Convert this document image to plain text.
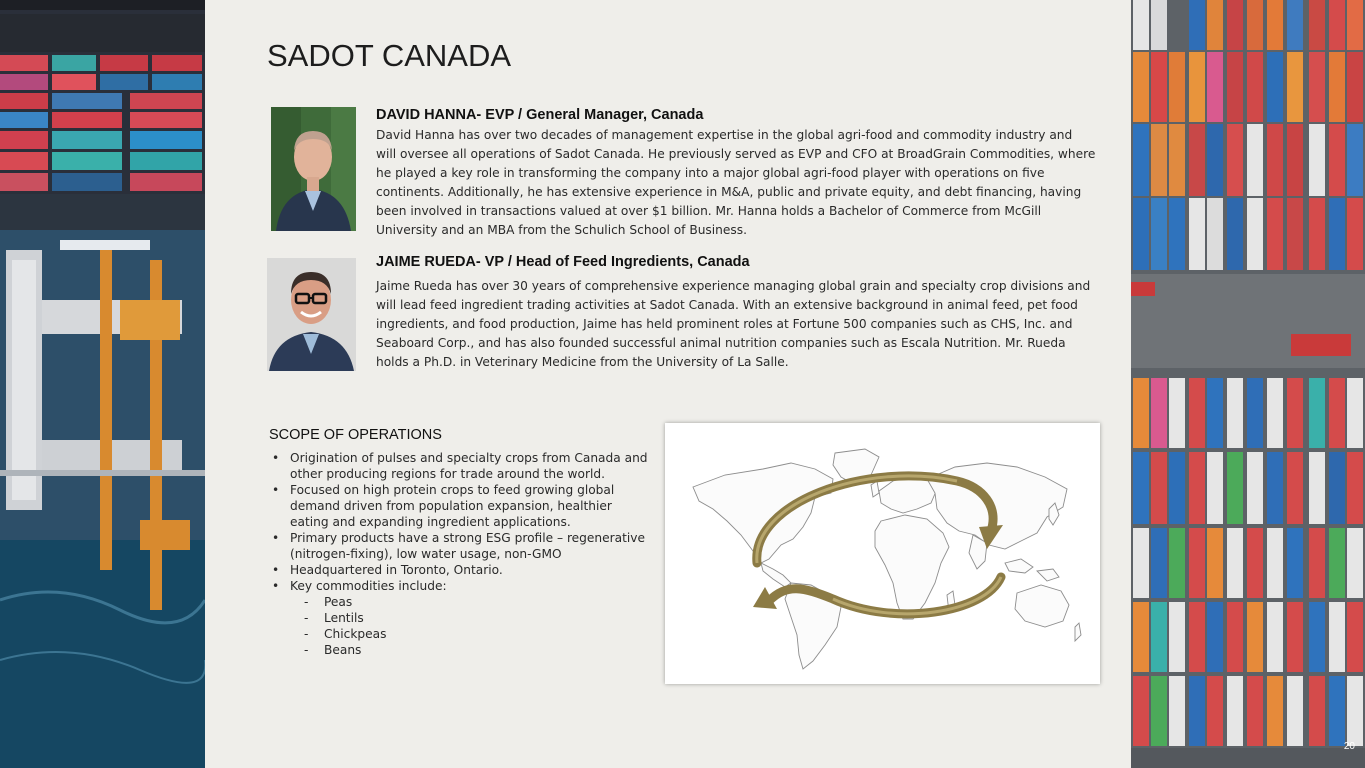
20
SADOT CANADA
DAVID HANNA- EVP / General Manager, Canada

David Hanna has over two decades of management expertise in the global agri-food and commodity industry and will oversee all operations of Sadot Canada. He previously served as EVP and CFO at BroadGrain Commodities, where he played a key role in transforming the company into a major global agri-food player with operations on five continents. Additionally, he has extensive experience in M&A, public and private equity, and debt financing, having been involved in transactions valued at over $1 billion. Mr. Hanna holds a Bachelor of Commerce from McGill University and an MBA from the Schulich School of Business.

JAIME RUEDA- VP / Head of Feed Ingredients, Canada

Jaime Rueda has over 30 years of comprehensive experience managing global grain and specialty crop divisions and will lead feed ingredient trading activities at Sadot Canada. With an extensive background in animal feed, pet food ingredients, and food production, Jaime has held prominent roles at Fortune 500 companies such as CHS, Inc. and Seaboard Corp., and has also founded successful animal nutrition companies such as Escala Nutrition. Mr. Rueda holds a Ph.D. in Veterinary Medicine from the University of La Salle.

SCOPE OF OPERATIONS
• Origination of pulses and specialty crops from Canada and other producing regions for trade around the world.
• Focused on high protein crops to feed growing global demand driven from population expansion, healthier eating and expanding ingredient applications.
• Primary products have a strong ESG profile – regenerative (nitrogen-fixing), low water usage, non-GMO
• Headquartered in Toronto, Ontario.
• Key commodities include:
- Peas
- Lentils
- Chickpeas
- Beans
